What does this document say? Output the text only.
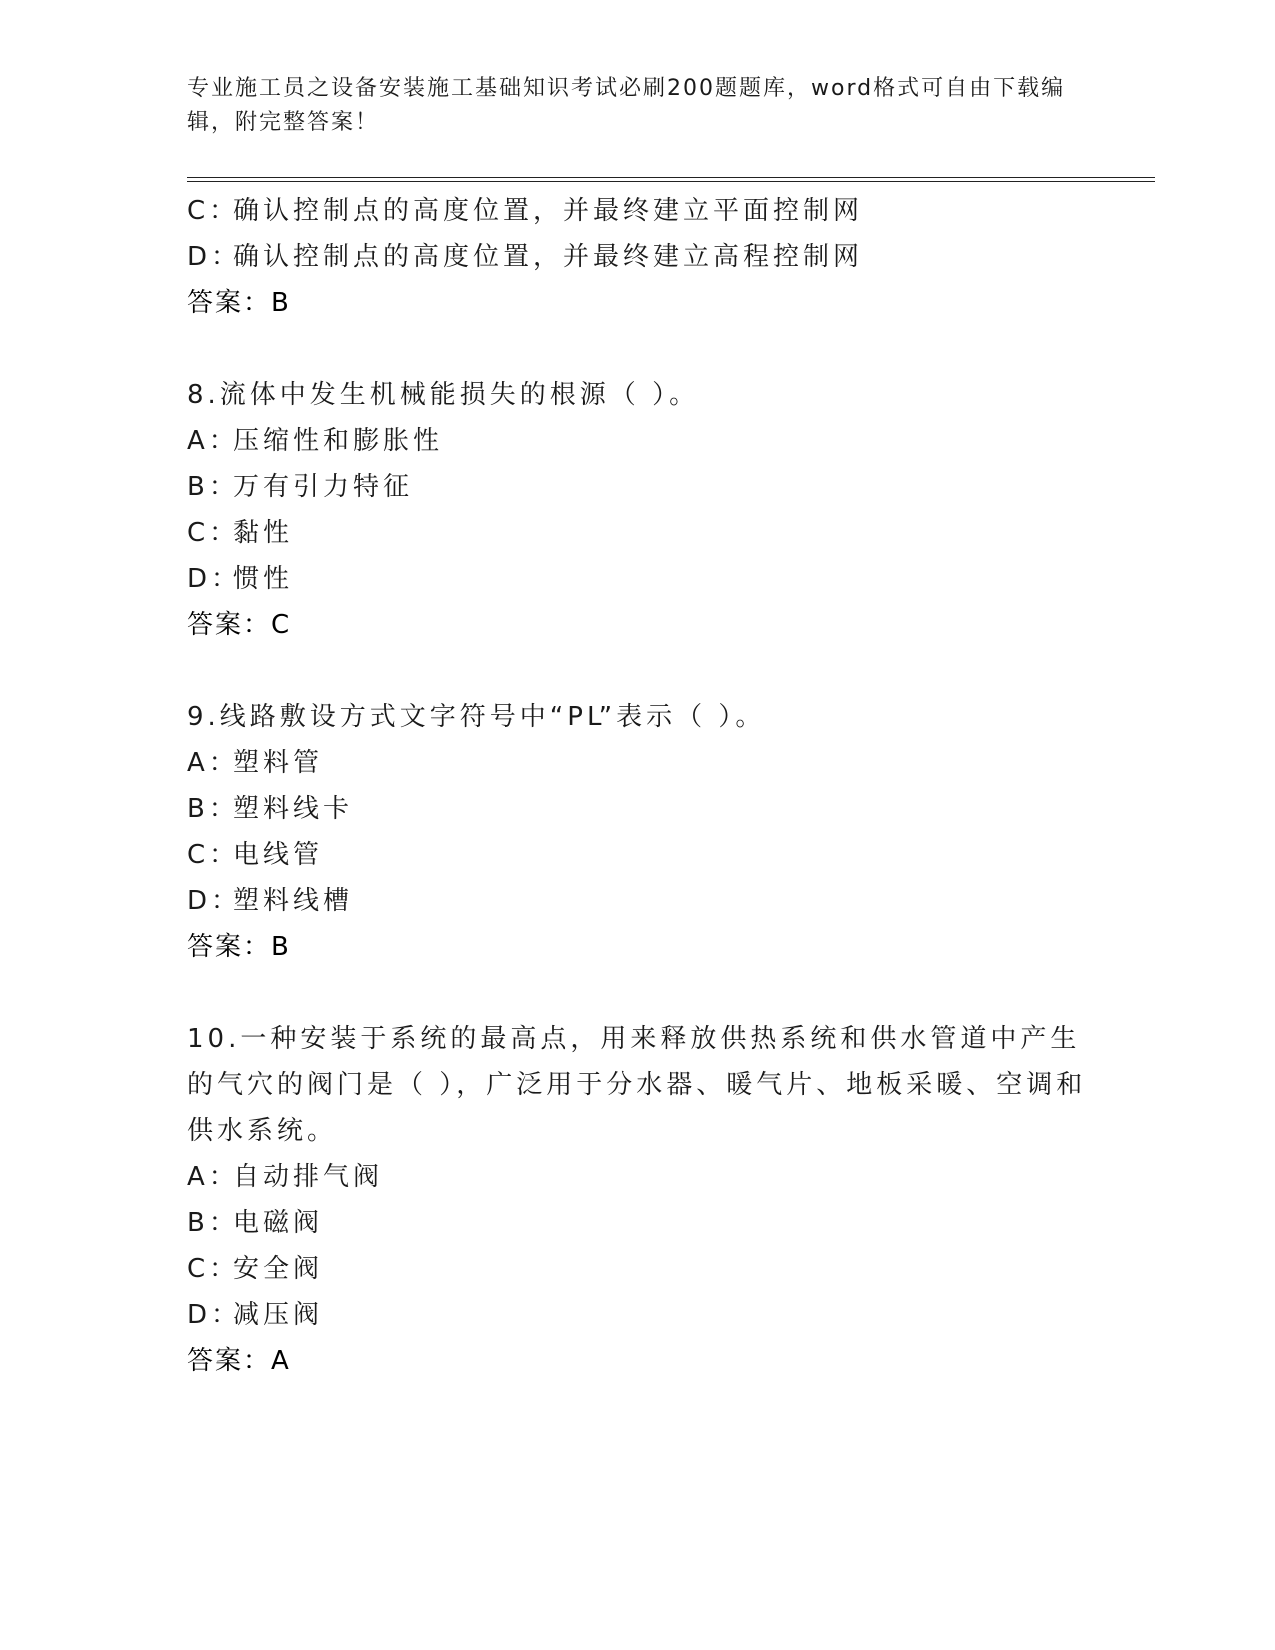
专业施工员之设备安装施工基础知识考试必刷200题题库，word格式可自由下载编辑，附完整答案！
C：确认控制点的高度位置，并最终建立平面控制网
D：确认控制点的高度位置，并最终建立高程控制网
答案：B
8.流体中发生机械能损失的根源（ ）。
A：压缩性和膨胀性
B：万有引力特征
C：黏性
D：惯性
答案：C
9.线路敷设方式文字符号中“PL”表示（ ）。
A：塑料管
B：塑料线卡
C：电线管
D：塑料线槽
答案：B
10.一种安装于系统的最高点，用来释放供热系统和供水管道中产生的气穴的阀门是（ ），广泛用于分水器、暖气片、地板采暖、空调和供水系统。
A：自动排气阀
B：电磁阀
C：安全阀
D：减压阀
答案：A
